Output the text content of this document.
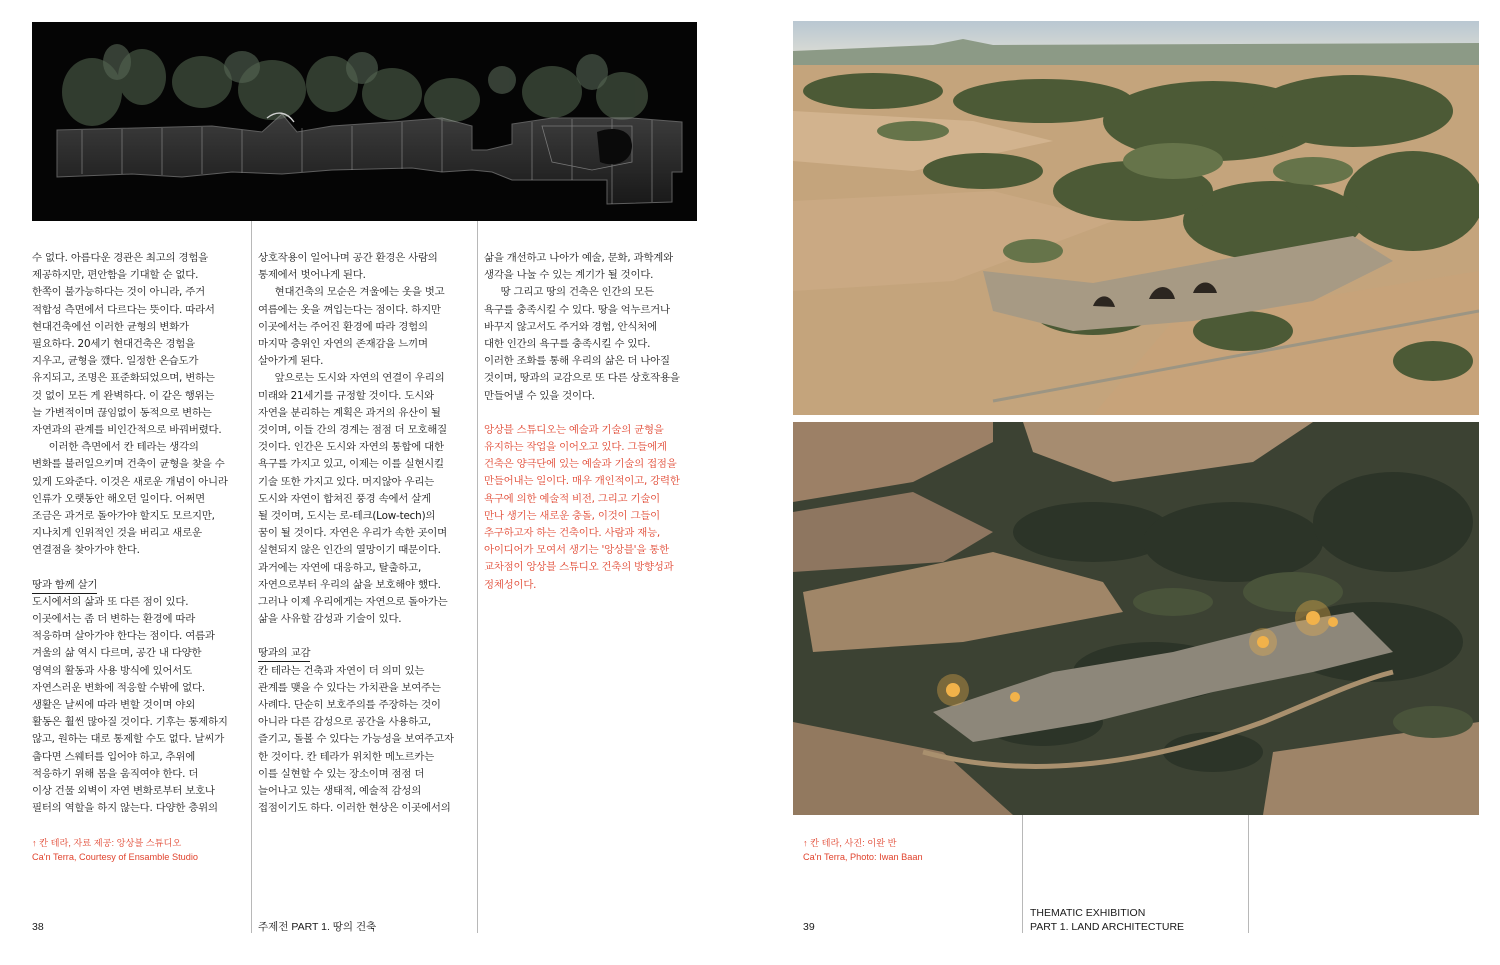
수 없다. 아름다운 경관은 최고의 경험을

제공하지만, 편안함을 기대할 순 없다.

한쪽이 불가능하다는 것이 아니라, 주거

적합성 측면에서 다르다는 뜻이다. 따라서

현대건축에선 이러한 균형의 변화가

필요하다. 20세기 현대건축은 경험을

지우고, 균형을 깼다. 일정한 온습도가

유지되고, 조명은 표준화되었으며, 변하는

것 없이 모든 게 완벽하다. 이 같은 행위는

늘 가변적이며 끊임없이 동적으로 변하는

자연과의 관계를 비인간적으로 바꿔버렸다.

이러한 측면에서 칸 테라는 생각의

변화를 불러일으키며 건축이 균형을 찾을 수

있게 도와준다. 이것은 새로운 개념이 아니라

인류가 오랫동안 해오던 일이다. 어쩌면

조금은 과거로 돌아가야 할지도 모르지만,

지나치게 인위적인 것을 버리고 새로운

연결점을 찾아가야 한다.

땅과 함께 살기

도시에서의 삶과 또 다른 점이 있다.

이곳에서는 좀 더 변하는 환경에 따라

적응하며 살아가야 한다는 점이다. 여름과

겨울의 삶 역시 다르며, 공간 내 다양한

영역의 활동과 사용 방식에 있어서도

자연스러운 변화에 적응할 수밖에 없다.

생활은 날씨에 따라 변할 것이며 야외

활동은 훨씬 많아질 것이다. 기후는 통제하지

않고, 원하는 대로 통제할 수도 없다. 날씨가

춥다면 스웨터를 입어야 하고, 추위에

적응하기 위해 몸을 움직여야 한다. 더

이상 건물 외벽이 자연 변화로부터 보호나

필터의 역할을 하지 않는다. 다양한 층위의

상호작용이 일어나며 공간 환경은 사람의

통제에서 벗어나게 된다.

현대건축의 모순은 겨울에는 옷을 벗고

여름에는 옷을 껴입는다는 점이다. 하지만

이곳에서는 주어진 환경에 따라 경험의

마지막 층위인 자연의 존재감을 느끼며

살아가게 된다.

앞으로는 도시와 자연의 연결이 우리의

미래와 21세기를 규정할 것이다. 도시와

자연을 분리하는 계획은 과거의 유산이 될

것이며, 이들 간의 경계는 점점 더 모호해질

것이다. 인간은 도시와 자연의 통합에 대한

욕구를 가지고 있고, 이제는 이를 실현시킬

기술 또한 가지고 있다. 머지않아 우리는

도시와 자연이 합쳐진 풍경 속에서 살게

될 것이며, 도시는 로-테크(Low-tech)의

꿈이 될 것이다. 자연은 우리가 속한 곳이며

실현되지 않은 인간의 열망이기 때문이다.

과거에는 자연에 대응하고, 탈출하고,

자연으로부터 우리의 삶을 보호해야 했다.

그러나 이제 우리에게는 자연으로 돌아가는

삶을 사유할 감성과 기술이 있다.

땅과의 교감

칸 테라는 건축과 자연이 더 의미 있는

관계를 맺을 수 있다는 가치관을 보여주는

사례다. 단순히 보호주의를 주장하는 것이

아니라 다른 감성으로 공간을 사용하고,

즐기고, 돌볼 수 있다는 가능성을 보여주고자

한 것이다. 칸 테라가 위치한 메노르카는

이를 실현할 수 있는 장소이며 점점 더

늘어나고 있는 생태적, 예술적 감성의

접점이기도 하다. 이러한 현상은 이곳에서의

삶을 개선하고 나아가 예술, 문화, 과학계와

생각을 나눌 수 있는 계기가 될 것이다.

땅 그리고 땅의 건축은 인간의 모든

욕구를 충족시킬 수 있다. 땅을 억누르거나

바꾸지 않고서도 주거와 경험, 안식처에

대한 인간의 욕구를 충족시킬 수 있다.

이러한 조화를 통해 우리의 삶은 더 나아질

것이며, 땅과의 교감으로 또 다른 상호작용을

만들어낼 수 있을 것이다.

앙상블 스튜디오는 예술과 기술의 균형을

유지하는 작업을 이어오고 있다. 그들에게

건축은 양극단에 있는 예술과 기술의 접점을

만들어내는 일이다. 매우 개인적이고, 강력한

욕구에 의한 예술적 비전, 그리고 기술이

만나 생기는 새로운 충돌, 이것이 그들이

추구하고자 하는 건축이다. 사람과 재능,

아이디어가 모여서 생기는 '앙상블'을 통한

교차점이 앙상블 스튜디오 건축의 방향성과

정체성이다.

↑ 칸 테라, 자료 제공: 앙상블 스튜디오
Ca'n Terra, Courtesy of Ensamble Studio
38	주제전 PART 1. 땅의 건축
↑ 칸 테라, 사진: 이완 반
Ca'n Terra, Photo: Iwan Baan
39
THEMATIC EXHIBITION
PART 1. LAND ARCHITECTURE
